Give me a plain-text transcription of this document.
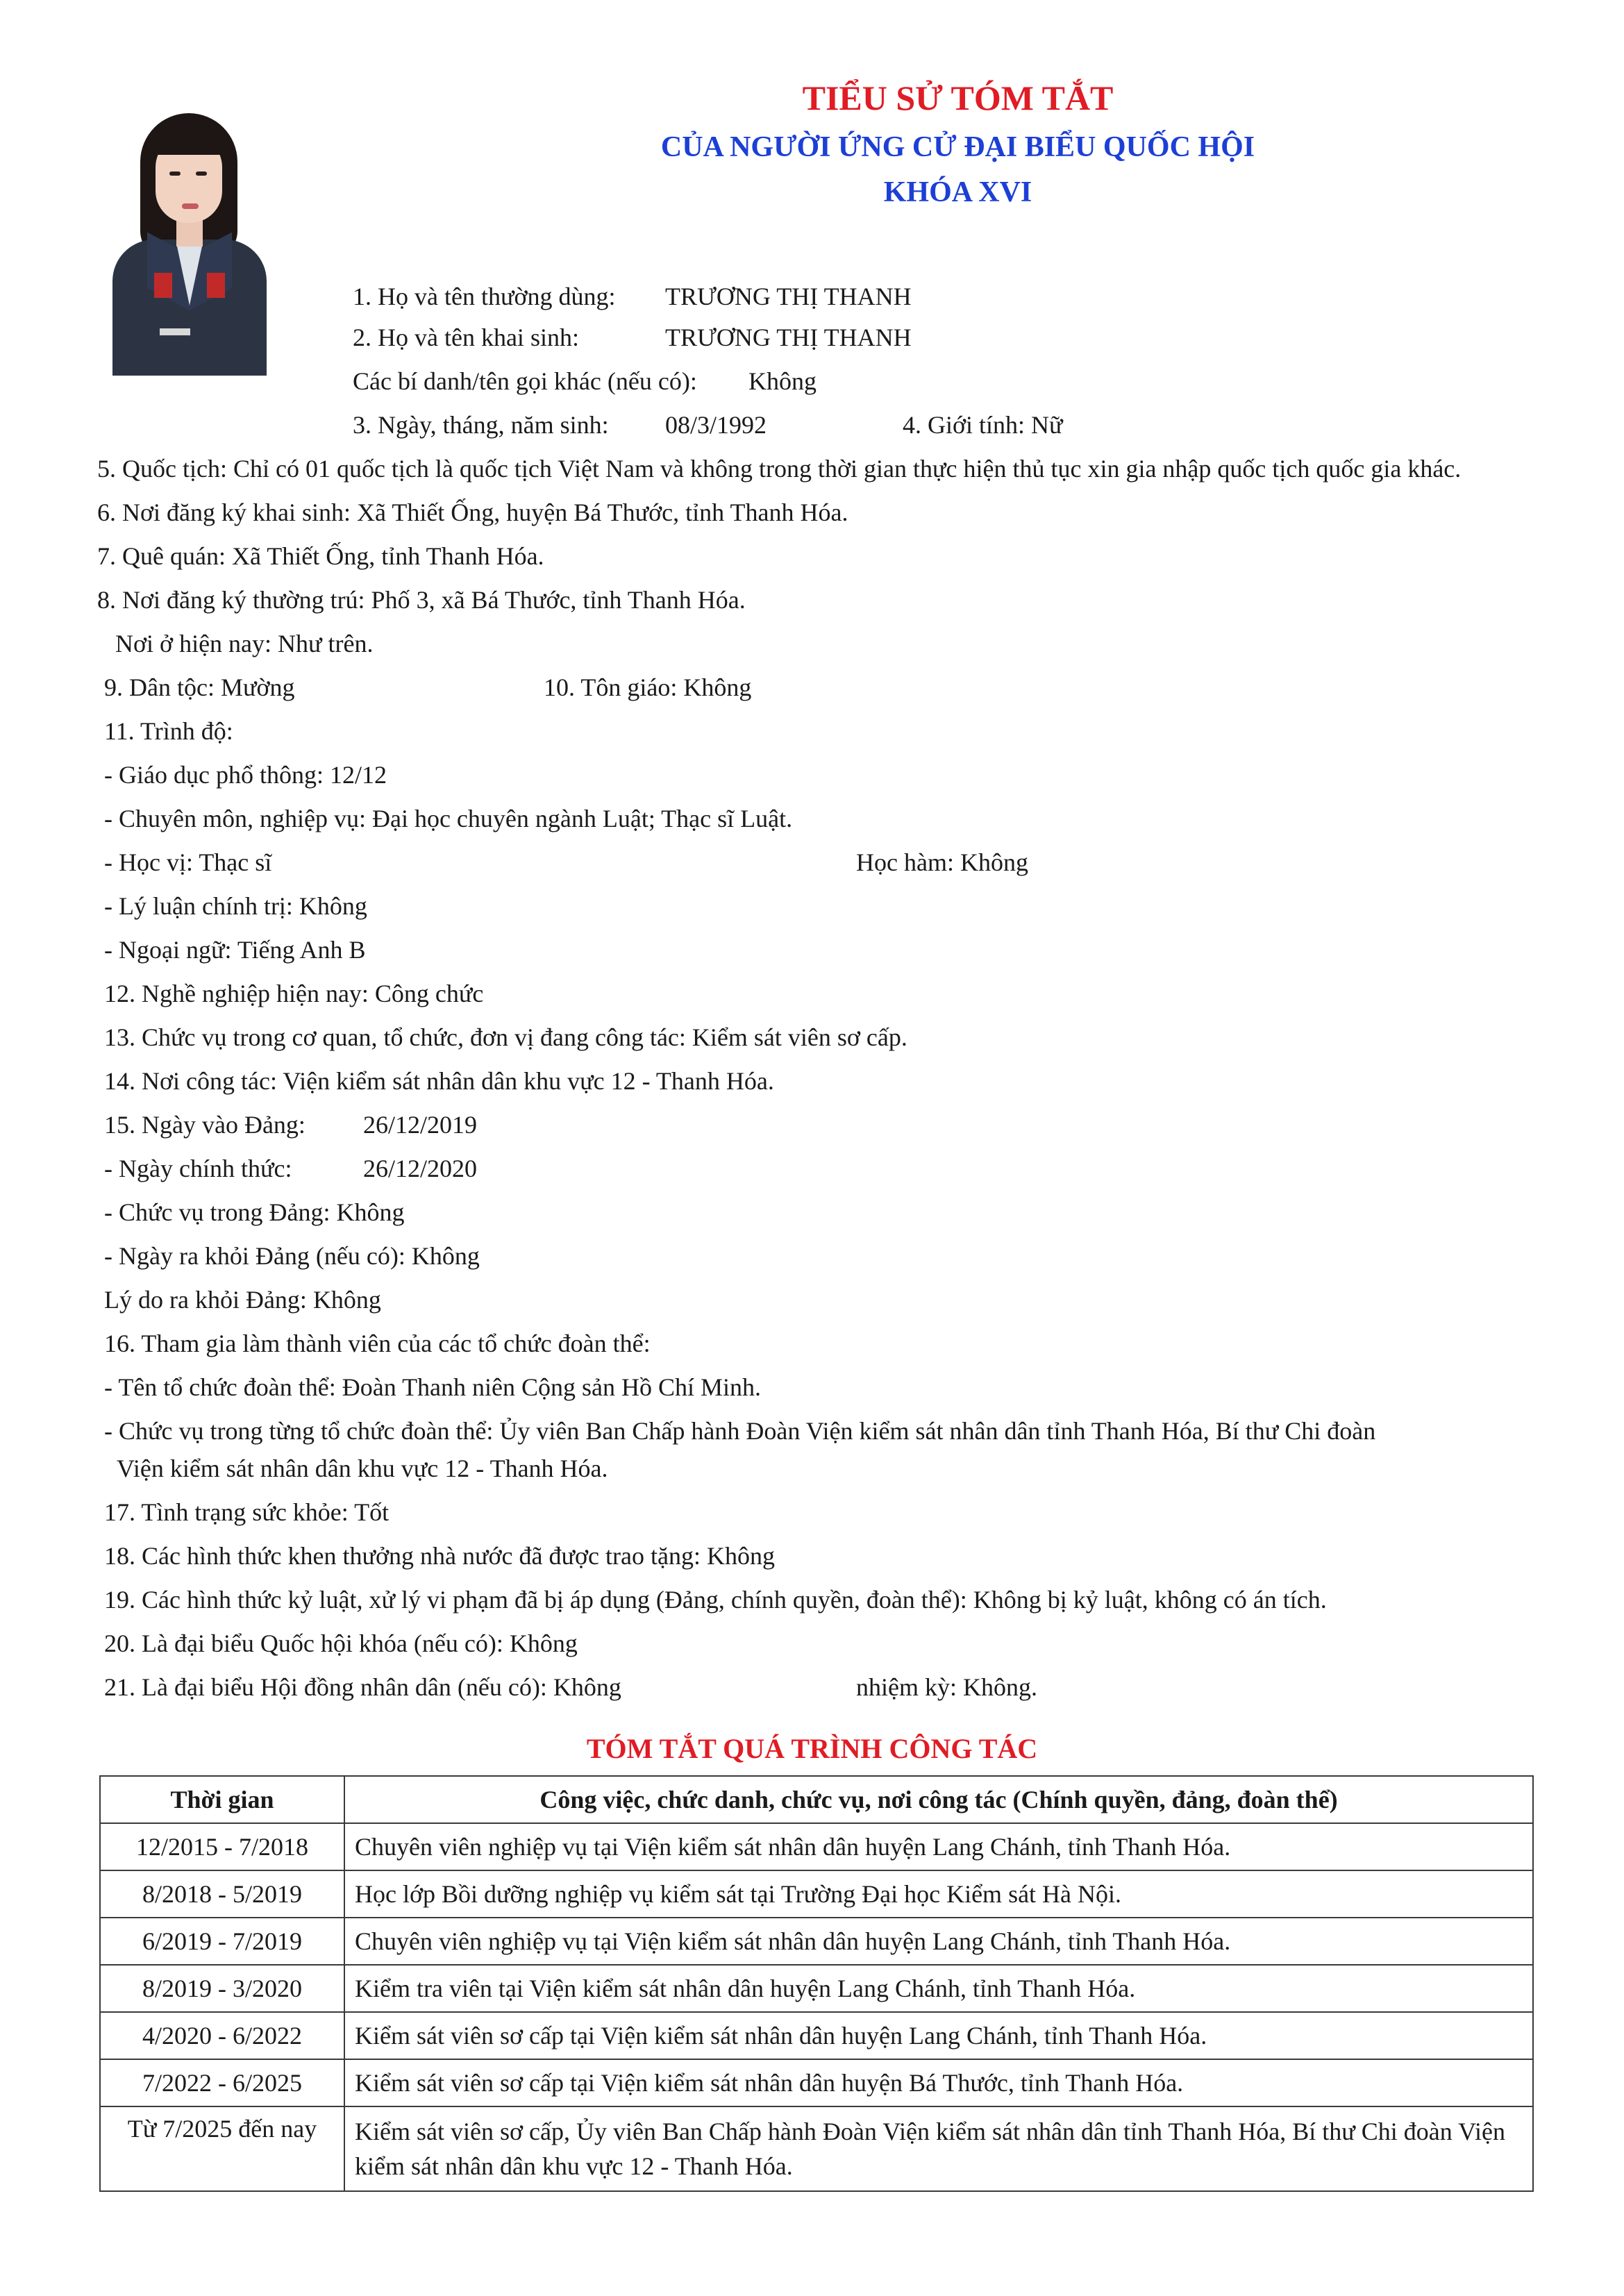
TIỂU SỬ TÓM TẮT
CỦA NGƯỜI ỨNG CỬ ĐẠI BIỂU QUỐC HỘI
KHÓA XVI
1. Họ và tên thường dùng: TRƯƠNG THỊ THANH
2. Họ và tên khai sinh:	TRƯƠNG THỊ THANH
Các bí danh/tên gọi khác (nếu có): Không
3. Ngày, tháng, năm sinh: 08/3/1992	4. Giới tính: Nữ
5. Quốc tịch: Chỉ có 01 quốc tịch là quốc tịch Việt Nam và không trong thời gian thực hiện thủ tục xin gia nhập quốc tịch quốc gia khác.
6. Nơi đăng ký khai sinh: Xã Thiết Ống, huyện Bá Thước, tỉnh Thanh Hóa.
7. Quê quán: Xã Thiết Ống, tỉnh Thanh Hóa.
8. Nơi đăng ký thường trú: Phố 3, xã Bá Thước, tỉnh Thanh Hóa.
Nơi ở hiện nay: Như trên.
9. Dân tộc: Mường	10. Tôn giáo: Không
11. Trình độ:
- Giáo dục phổ thông: 12/12
- Chuyên môn, nghiệp vụ: Đại học chuyên ngành Luật; Thạc sĩ Luật.
- Học vị: Thạc sĩ	Học hàm: Không
- Lý luận chính trị: Không
- Ngoại ngữ: Tiếng Anh B
12. Nghề nghiệp hiện nay: Công chức
13. Chức vụ trong cơ quan, tổ chức, đơn vị đang công tác: Kiểm sát viên sơ cấp.
14. Nơi công tác: Viện kiểm sát nhân dân khu vực 12 - Thanh Hóa.
15. Ngày vào Đảng: 26/12/2019
- Ngày chính thức:	26/12/2020
- Chức vụ trong Đảng: Không
- Ngày ra khỏi Đảng (nếu có): Không
Lý do ra khỏi Đảng: Không
16. Tham gia làm thành viên của các tổ chức đoàn thể:
- Tên tổ chức đoàn thể: Đoàn Thanh niên Cộng sản Hồ Chí Minh.
- Chức vụ trong từng tổ chức đoàn thể: Ủy viên Ban Chấp hành Đoàn Viện kiểm sát nhân dân tỉnh Thanh Hóa, Bí thư Chi đoàn
Viện kiểm sát nhân dân khu vực 12 - Thanh Hóa.
17. Tình trạng sức khỏe: Tốt
18. Các hình thức khen thưởng nhà nước đã được trao tặng: Không
19. Các hình thức kỷ luật, xử lý vi phạm đã bị áp dụng (Đảng, chính quyền, đoàn thể): Không bị kỷ luật, không có án tích.
20. Là đại biểu Quốc hội khóa (nếu có): Không
21. Là đại biểu Hội đồng nhân dân (nếu có): Không	nhiệm kỳ: Không.
TÓM TẮT QUÁ TRÌNH CÔNG TÁC
Thời gian	Công việc, chức danh, chức vụ, nơi công tác (Chính quyền, đảng, đoàn thể)
12/2015 - 7/2018	Chuyên viên nghiệp vụ tại Viện kiểm sát nhân dân huyện Lang Chánh, tỉnh Thanh Hóa.
8/2018 - 5/2019	Học lớp Bồi dưỡng nghiệp vụ kiểm sát tại Trường Đại học Kiểm sát Hà Nội.
6/2019 - 7/2019	Chuyên viên nghiệp vụ tại Viện kiểm sát nhân dân huyện Lang Chánh, tỉnh Thanh Hóa.
8/2019 - 3/2020	Kiểm tra viên tại Viện kiểm sát nhân dân huyện Lang Chánh, tỉnh Thanh Hóa.
4/2020 - 6/2022	Kiểm sát viên sơ cấp tại Viện kiểm sát nhân dân huyện Lang Chánh, tỉnh Thanh Hóa.
7/2022 - 6/2025	Kiểm sát viên sơ cấp tại Viện kiểm sát nhân dân huyện Bá Thước, tỉnh Thanh Hóa.
Từ 7/2025 đến nay	Kiểm sát viên sơ cấp, Ủy viên Ban Chấp hành Đoàn Viện kiểm sát nhân dân tỉnh Thanh Hóa, Bí thư Chi đoàn Viện kiểm sát nhân dân khu vực 12 - Thanh Hóa.
